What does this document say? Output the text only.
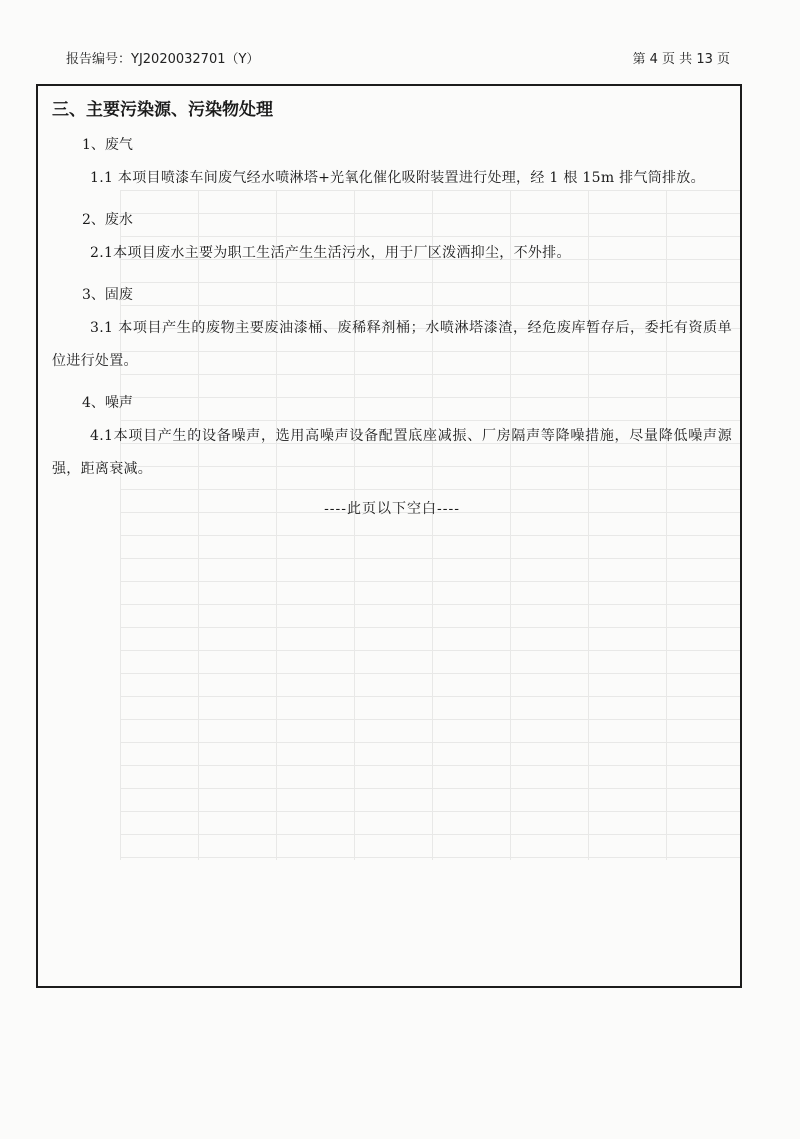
报告编号：YJ2020032701（Y）	第 4 页 共 13 页
三、主要污染源、污染物处理
1、废气
1.1 本项目喷漆车间废气经水喷淋塔+光氧化催化吸附装置进行处理，经 1 根 15m 排气筒排放。
2、废水
2.1本项目废水主要为职工生活产生生活污水，用于厂区泼洒抑尘，不外排。
3、固废
3.1 本项目产生的废物主要废油漆桶、废稀释剂桶；水喷淋塔漆渣，经危废库暂存后，委托有资质单位进行处置。
4、噪声
4.1本项目产生的设备噪声，选用高噪声设备配置底座减振、厂房隔声等降噪措施，尽量降低噪声源强，距离衰减。
----此页以下空白----
